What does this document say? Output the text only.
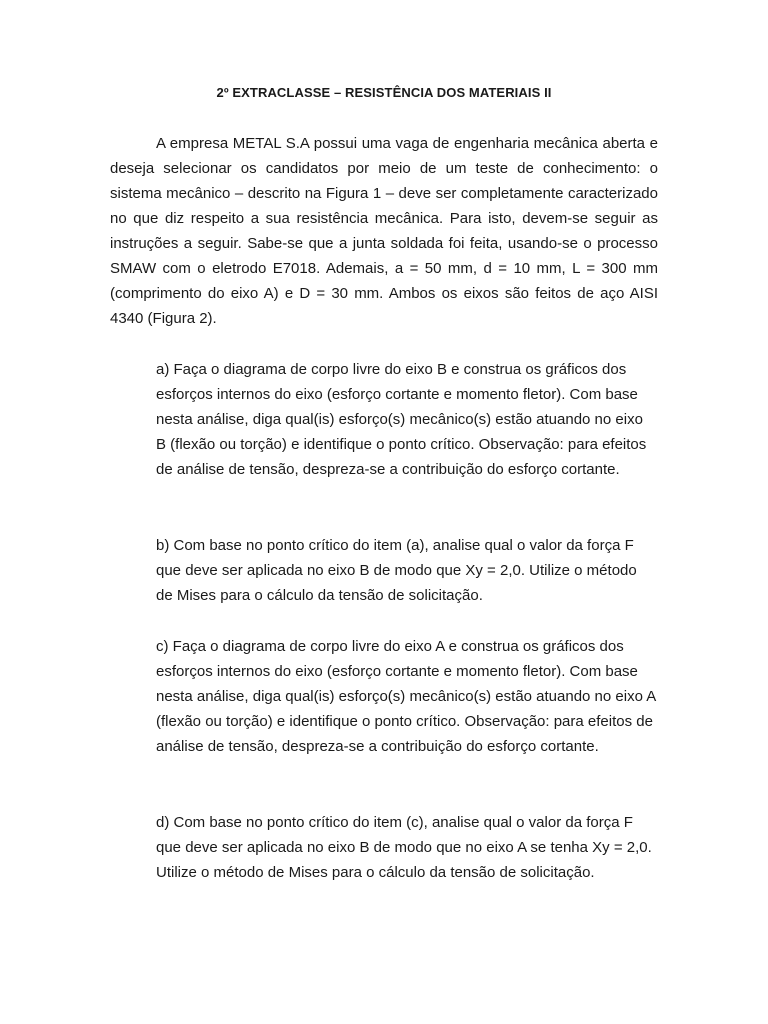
2º EXTRACLASSE – RESISTÊNCIA DOS MATERIAIS II

A empresa METAL S.A possui uma vaga de engenharia mecânica aberta e deseja selecionar os candidatos por meio de um teste de conhecimento: o sistema mecânico – descrito na Figura 1 – deve ser completamente caracterizado no que diz respeito a sua resistência mecânica. Para isto, devem-se seguir as instruções a seguir. Sabe-se que a junta soldada foi feita, usando-se o processo SMAW com o eletrodo E7018. Ademais, a = 50 mm, d = 10 mm, L = 300 mm (comprimento do eixo A) e D = 30 mm. Ambos os eixos são feitos de aço AISI 4340 (Figura 2).

a) Faça o diagrama de corpo livre do eixo B e construa os gráficos dos esforços internos do eixo (esforço cortante e momento fletor). Com base nesta análise, diga qual(is) esforço(s) mecânico(s) estão atuando no eixo B (flexão ou torção) e identifique o ponto crítico. Observação: para efeitos de análise de tensão, despreza-se a contribuição do esforço cortante.

b) Com base no ponto crítico do item (a), analise qual o valor da força F que deve ser aplicada no eixo B de modo que Xy = 2,0. Utilize o método de Mises para o cálculo da tensão de solicitação.

c) Faça o diagrama de corpo livre do eixo A e construa os gráficos dos esforços internos do eixo (esforço cortante e momento fletor). Com base nesta análise, diga qual(is) esforço(s) mecânico(s) estão atuando no eixo A (flexão ou torção) e identifique o ponto crítico. Observação: para efeitos de análise de tensão, despreza-se a contribuição do esforço cortante.

d) Com base no ponto crítico do item (c), analise qual o valor da força F que deve ser aplicada no eixo B de modo que no eixo A se tenha Xy = 2,0. Utilize o método de Mises para o cálculo da tensão de solicitação.
